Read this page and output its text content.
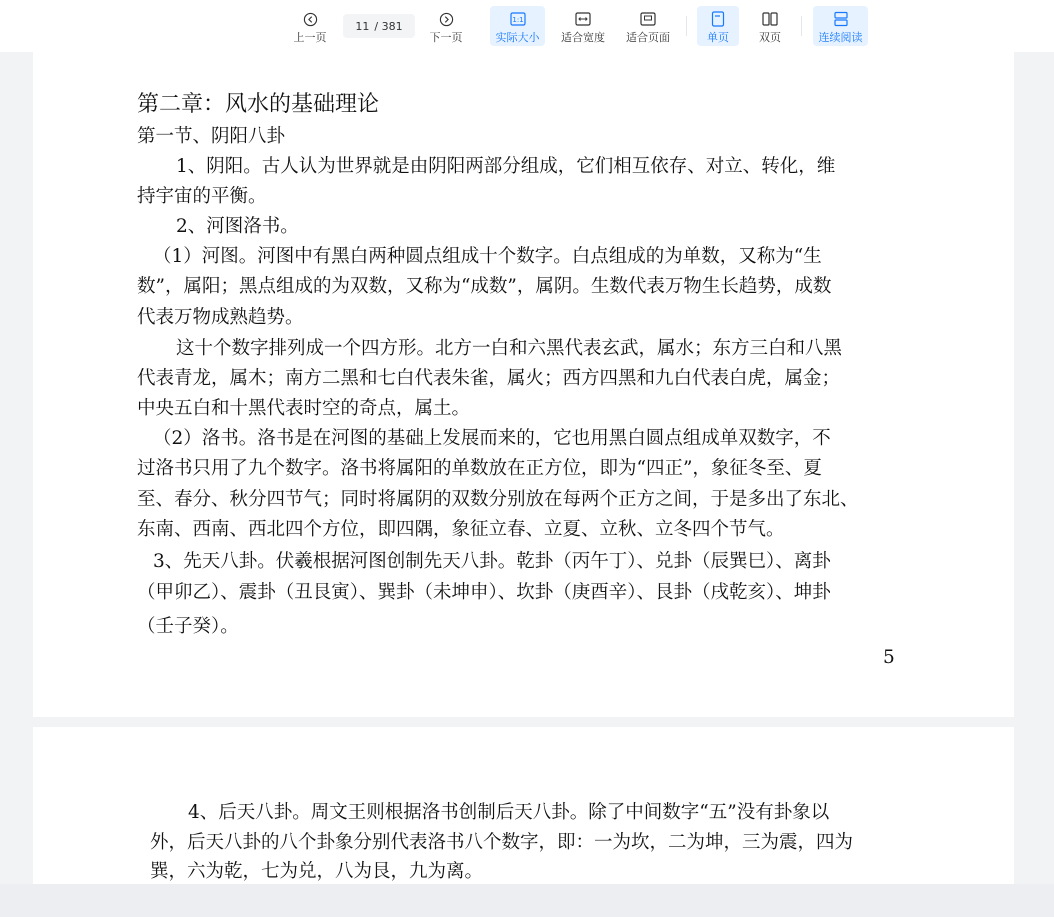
上一页
11 / 381
下一页
1:1
实际大小 适合宽度 适合页面	单页	双页	连续阅读
第二章：风水的基础理论
第一节、阴阳八卦
1、阴阳。古人认为世界就是由阴阳两部分组成，它们相互依存、对立、转化，维
持宇宙的平衡。
2、河图洛书。
（1）河图。河图中有黑白两种圆点组成十个数字。白点组成的为单数，又称为“生
数”，属阳；黑点组成的为双数，又称为“成数”，属阴。生数代表万物生长趋势，成数
代表万物成熟趋势。
这十个数字排列成一个四方形。北方一白和六黑代表玄武，属水；东方三白和八黑
代表青龙，属木；南方二黑和七白代表朱雀，属火；西方四黑和九白代表白虎，属金；
中央五白和十黑代表时空的奇点，属土。
（2）洛书。洛书是在河图的基础上发展而来的，它也用黑白圆点组成单双数字，不
过洛书只用了九个数字。洛书将属阳的单数放在正方位，即为“四正”，象征冬至、夏
至、春分、秋分四节气；同时将属阴的双数分别放在每两个正方之间，于是多出了东北、
东南、西南、西北四个方位，即四隅，象征立春、立夏、立秋、立冬四个节气。
3、先天八卦。伏羲根据河图创制先天八卦。乾卦（丙午丁）、兑卦（辰巽巳）、离卦
（甲卯乙）、震卦（丑艮寅）、巽卦（未坤申）、坎卦（庚酉辛）、艮卦（戌乾亥）、坤卦
（壬子癸）。
5
4、后天八卦。周文王则根据洛书创制后天八卦。除了中间数字“五”没有卦象以
外，后天八卦的八个卦象分别代表洛书八个数字，即：一为坎，二为坤，三为震，四为
巽，六为乾，七为兑，八为艮，九为离。
